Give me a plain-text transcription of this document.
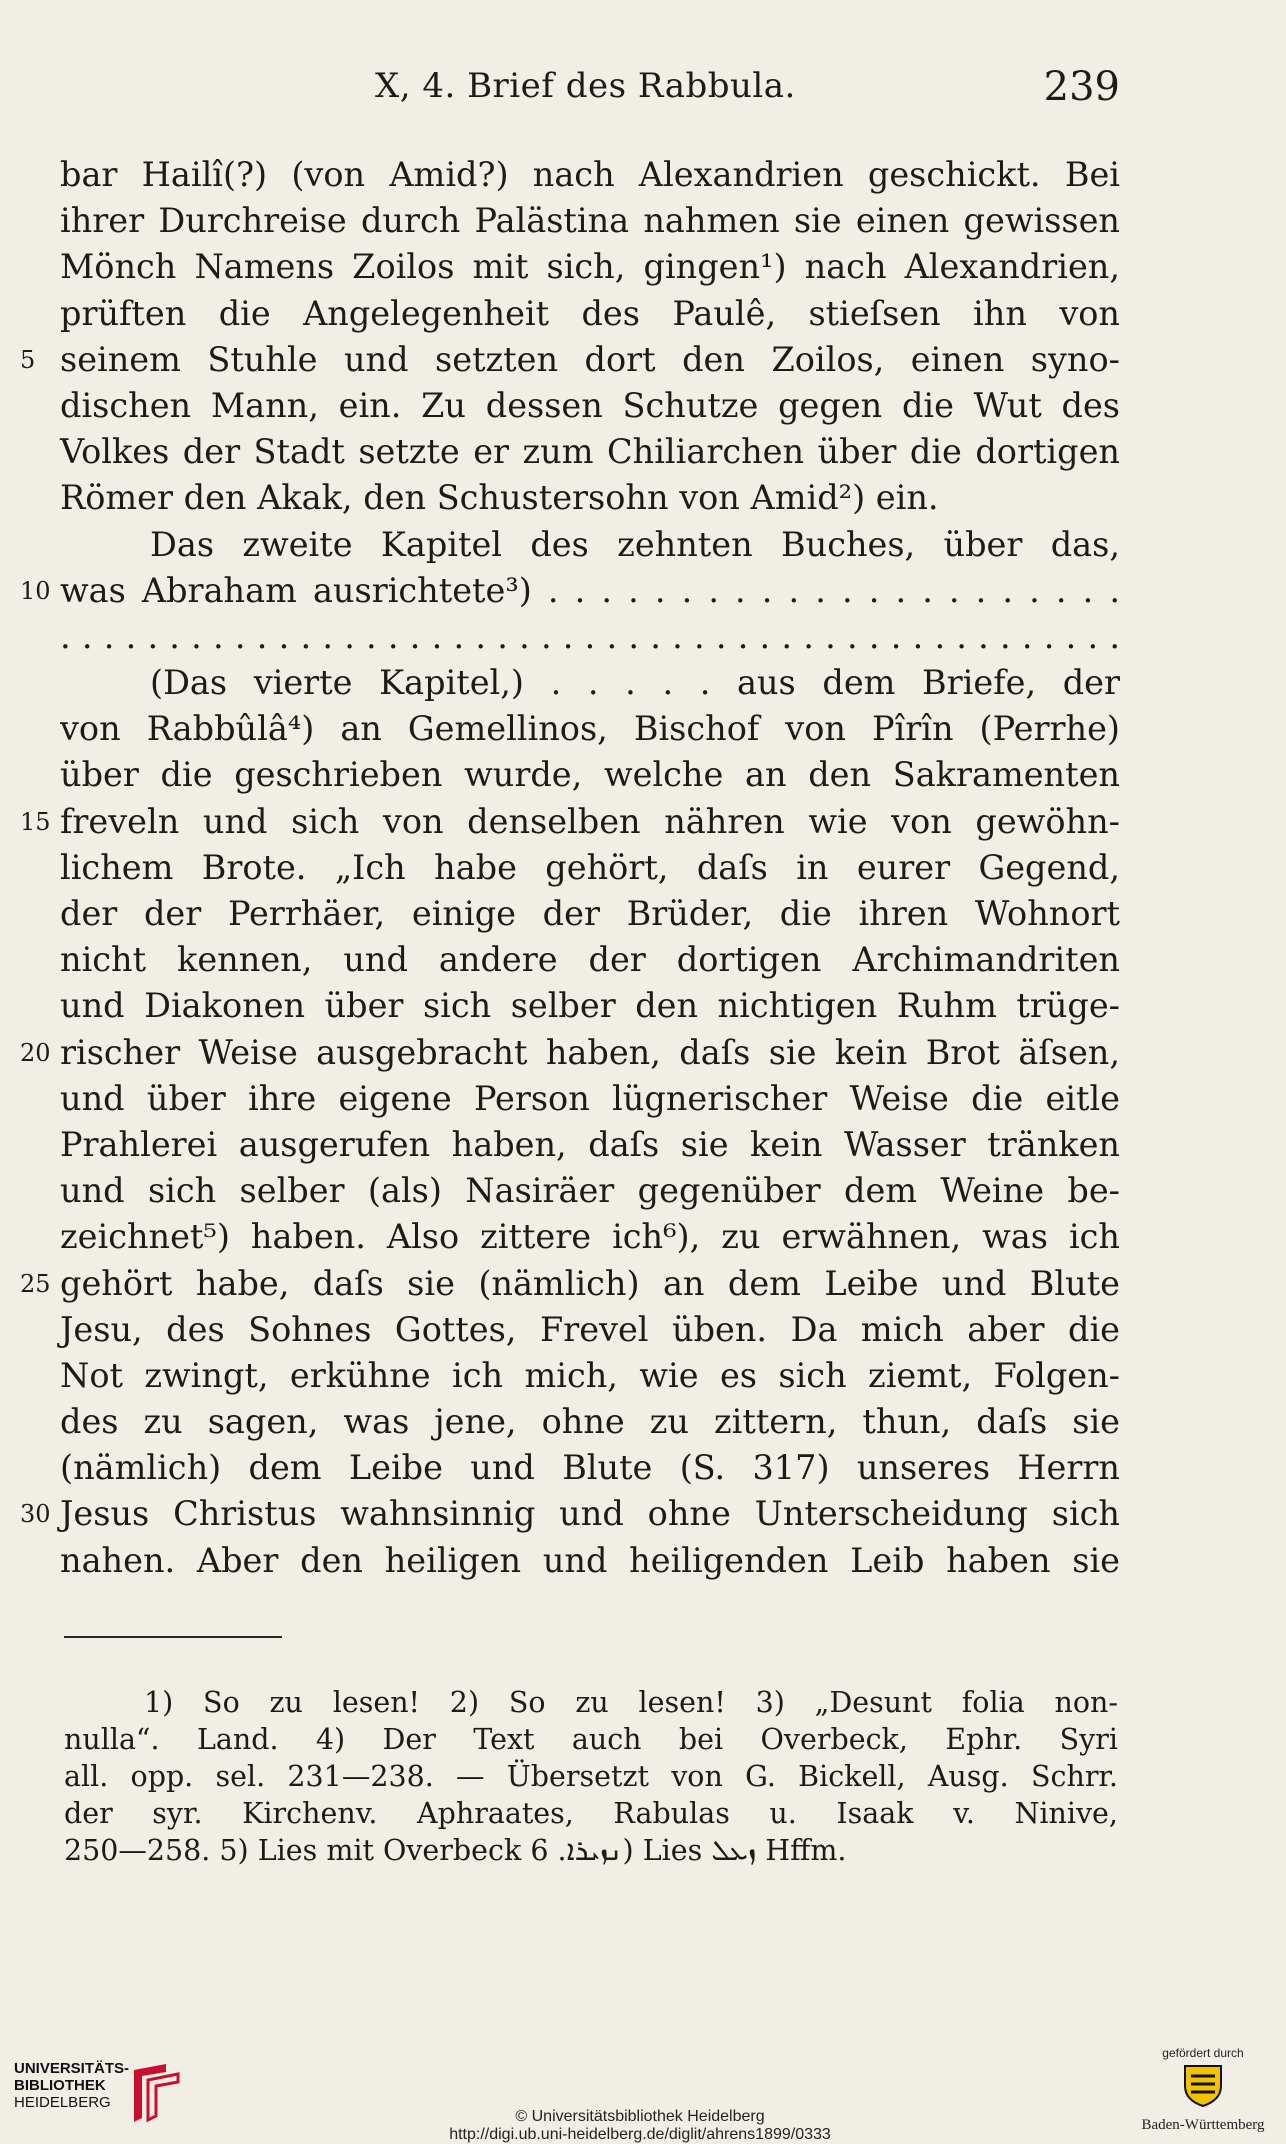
X, 4. Brief des Rabbula.	239
bar Hailî(?) (von Amid?) nach Alexandrien geschickt. Bei
ihrer Durchreise durch Palästina nahmen sie einen gewissen
Mönch Namens Zoilos mit sich, gingen¹) nach Alexandrien,
prüften die Angelegenheit des Paulê, stieſsen ihn von
5 seinem Stuhle und setzten dort den Zoilos, einen syno-
dischen Mann, ein. Zu dessen Schutze gegen die Wut des
Volkes der Stadt setzte er zum Chiliarchen über die dortigen
Römer den Akak, den Schustersohn von Amid²) ein.
Das zweite Kapitel des zehnten Buches, über das,
10 was Abraham ausrichtete³) . . . . . . . . . . . . . . . . . . . . . .
. . . . . . . . . . . . . . . . . . . . . . . . . . . . . . . . . . . . . . . . . . . . . . . . .
(Das vierte Kapitel,) . . . . . aus dem Briefe, der
von Rabbûlâ⁴) an Gemellinos, Bischof von Pîrîn (Perrhe)
über die geschrieben wurde, welche an den Sakramenten
15 freveln und sich von denselben nähren wie von gewöhn-
lichem Brote. „Ich habe gehört, daſs in eurer Gegend,
der der Perrhäer, einige der Brüder, die ihren Wohnort
nicht kennen, und andere der dortigen Archimandriten
und Diakonen über sich selber den nichtigen Ruhm trüge-
20 rischer Weise ausgebracht haben, daſs sie kein Brot äſsen,
und über ihre eigene Person lügnerischer Weise die eitle
Prahlerei ausgerufen haben, daſs sie kein Wasser tränken
und sich selber (als) Nasiräer gegenüber dem Weine be-
zeichnet⁵) haben. Also zittere ich⁶), zu erwähnen, was ich
25 gehört habe, daſs sie (nämlich) an dem Leibe und Blute
Jesu, des Sohnes Gottes, Frevel üben. Da mich aber die
Not zwingt, erkühne ich mich, wie es sich ziemt, Folgen-
des zu sagen, was jene, ohne zu zittern, thun, daſs sie
(nämlich) dem Leibe und Blute (S. 317) unseres Herrn
30 Jesus Christus wahnsinnig und ohne Unterscheidung sich
nahen. Aber den heiligen und heiligenden Leib haben sie
1) So zu lesen! 2) So zu lesen! 3) „Desunt folia non-
nulla“. Land. 4) Der Text auch bei Overbeck, Ephr. Syri
all. opp. sel. 231—238. — Übersetzt von G. Bickell, Ausg. Schrr.
der syr. Kirchenv. Aphraates, Rabulas u. Isaak v. Ninive,
250—258. 5) Lies mit Overbeck ܢܙܝܪܐ. 6) Lies ܙܥܠ Hffm.
UNIVERSITÄTS-
BIBLIOTHEK
HEIDELBERG
© Universitätsbibliothek Heidelberg
http://digi.ub.uni-heidelberg.de/diglit/ahrens1899/0333
gefördert durch
Baden-Württemberg
